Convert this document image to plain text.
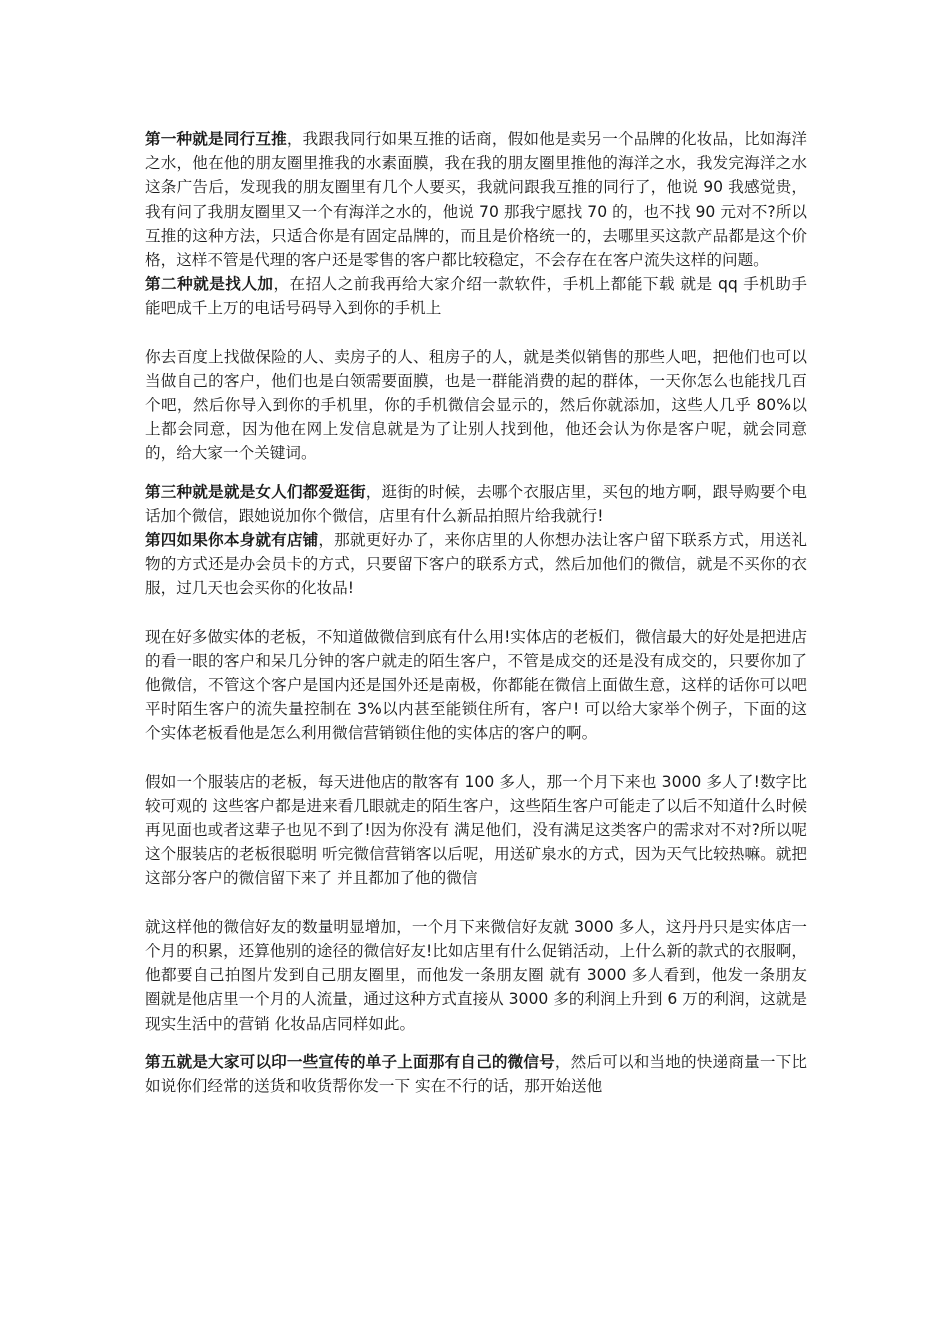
第一种就是同行互推，我跟我同行如果互推的话商，假如他是卖另一个品牌的化妆品，比如海洋之水，他在他的朋友圈里推我的水素面膜，我在我的朋友圈里推他的海洋之水，我发完海洋之水这条广告后，发现我的朋友圈里有几个人要买，我就问跟我互推的同行了，他说 90 我感觉贵，我有问了我朋友圈里又一个有海洋之水的，他说 70 那我宁愿找 70 的，也不找 90 元对不?所以互推的这种方法，只适合你是有固定品牌的，而且是价格统一的，去哪里买这款产品都是这个价格，这样不管是代理的客户还是零售的客户都比较稳定，不会存在在客户流失这样的问题。

第二种就是找人加，在招人之前我再给大家介绍一款软件，手机上都能下载 就是 qq 手机助手 能吧成千上万的电话号码导入到你的手机上

你去百度上找做保险的人、卖房子的人、租房子的人，就是类似销售的那些人吧，把他们也可以当做自己的客户，他们也是白领需要面膜，也是一群能消费的起的群体，一天你怎么也能找几百个吧，然后你导入到你的手机里，你的手机微信会显示的，然后你就添加，这些人几乎 80%以上都会同意，因为他在网上发信息就是为了让别人找到他，他还会认为你是客户呢，就会同意的，给大家一个关键词。

第三种就是就是女人们都爱逛街，逛街的时候，去哪个衣服店里，买包的地方啊，跟导购要个电话加个微信，跟她说加你个微信，店里有什么新品拍照片给我就行!

第四如果你本身就有店铺，那就更好办了，来你店里的人你想办法让客户留下联系方式，用送礼物的方式还是办会员卡的方式，只要留下客户的联系方式，然后加他们的微信，就是不买你的衣服，过几天也会买你的化妆品!

现在好多做实体的老板，不知道做微信到底有什么用!实体店的老板们，微信最大的好处是把进店的看一眼的客户和呆几分钟的客户就走的陌生客户，不管是成交的还是没有成交的，只要你加了他微信，不管这个客户是国内还是国外还是南极，你都能在微信上面做生意，这样的话你可以吧平时陌生客户的流失量控制在 3%以内甚至能锁住所有，客户! 可以给大家举个例子，下面的这个实体老板看他是怎么利用微信营销锁住他的实体店的客户的啊。

假如一个服装店的老板，每天进他店的散客有 100 多人，那一个月下来也 3000 多人了!数字比较可观的 这些客户都是进来看几眼就走的陌生客户，这些陌生客户可能走了以后不知道什么时候再见面也或者这辈子也见不到了!因为你没有 满足他们，没有满足这类客户的需求对不对?所以呢 这个服装店的老板很聪明 听完微信营销客以后呢，用送矿泉水的方式，因为天气比较热嘛。就把这部分客户的微信留下来了 并且都加了他的微信

就这样他的微信好友的数量明显增加，一个月下来微信好友就 3000 多人，这丹丹只是实体店一个月的积累，还算他别的途径的微信好友!比如店里有什么促销活动，上什么新的款式的衣服啊，他都要自己拍图片发到自己朋友圈里，而他发一条朋友圈 就有 3000 多人看到，他发一条朋友圈就是他店里一个月的人流量，通过这种方式直接从 3000 多的利润上升到 6 万的利润，这就是现实生活中的营销 化妆品店同样如此。

第五就是大家可以印一些宣传的单子上面那有自己的微信号，然后可以和当地的快递商量一下比如说你们经常的送货和收货帮你发一下 实在不行的话，那开始送他
